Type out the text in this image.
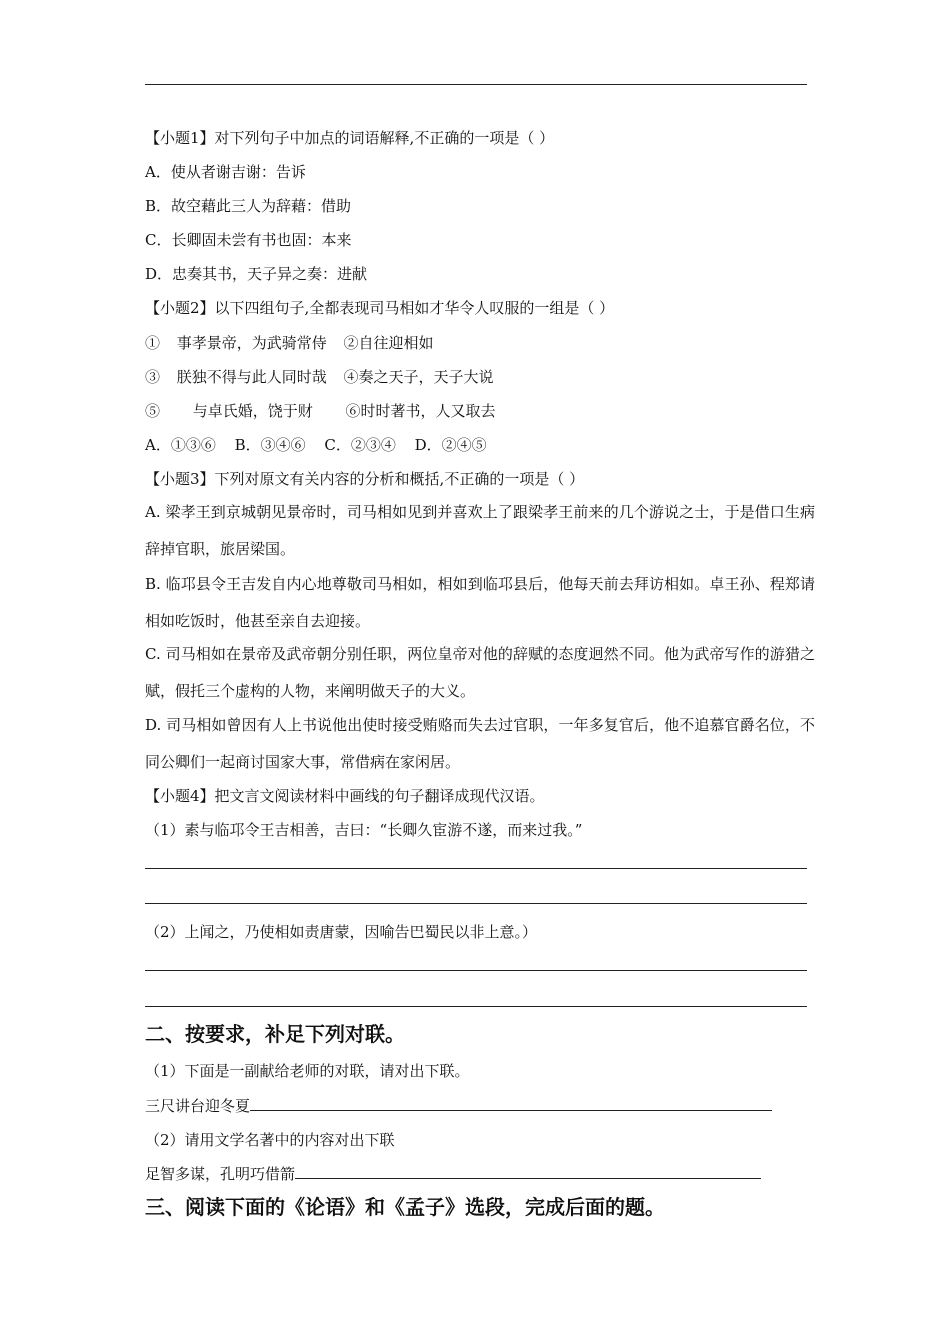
【小题1】对下列句子中加点的词语解释,不正确的一项是（ ）
A．使从者谢吉谢：告诉
B．故空藉此三人为辞藉：借助
C．长卿固未尝有书也固：本来
D．忠奏其书，天子异之奏：进献
【小题2】以下四组句子,全都表现司马相如才华令人叹服的一组是（ ）
① 事孝景帝，为武骑常侍 ②自往迎相如
③ 朕独不得与此人同时哉 ④奏之天子，天子大说
⑤ 与卓氏婚，饶于财 ⑥时时著书，人又取去
A．①③⑥ B．③④⑥ C．②③④ D．②④⑤
【小题3】下列对原文有关内容的分析和概括,不正确的一项是（ ）
A. 梁孝王到京城朝见景帝时，司马相如见到并喜欢上了跟梁孝王前来的几个游说之士，于是借口生病辞掉官职，旅居梁国。
B. 临邛县令王吉发自内心地尊敬司马相如，相如到临邛县后，他每天前去拜访相如。卓王孙、程郑请相如吃饭时，他甚至亲自去迎接。
C. 司马相如在景帝及武帝朝分别任职，两位皇帝对他的辞赋的态度迥然不同。他为武帝写作的游猎之赋，假托三个虚构的人物，来阐明做天子的大义。
D. 司马相如曾因有人上书说他出使时接受贿赂而失去过官职，一年多复官后，他不追慕官爵名位，不同公卿们一起商讨国家大事，常借病在家闲居。
【小题4】把文言文阅读材料中画线的句子翻译成现代汉语。
（1）素与临邛令王吉相善，吉曰：“长卿久宦游不遂，而来过我。”
（2）上闻之，乃使相如责唐蒙，因喻告巴蜀民以非上意。）
二、按要求，补足下列对联。
（1）下面是一副献给老师的对联，请对出下联。
三尺讲台迎冬夏
（2）请用文学名著中的内容对出下联
足智多谋，孔明巧借箭
三、阅读下面的《论语》和《孟子》选段，完成后面的题。
